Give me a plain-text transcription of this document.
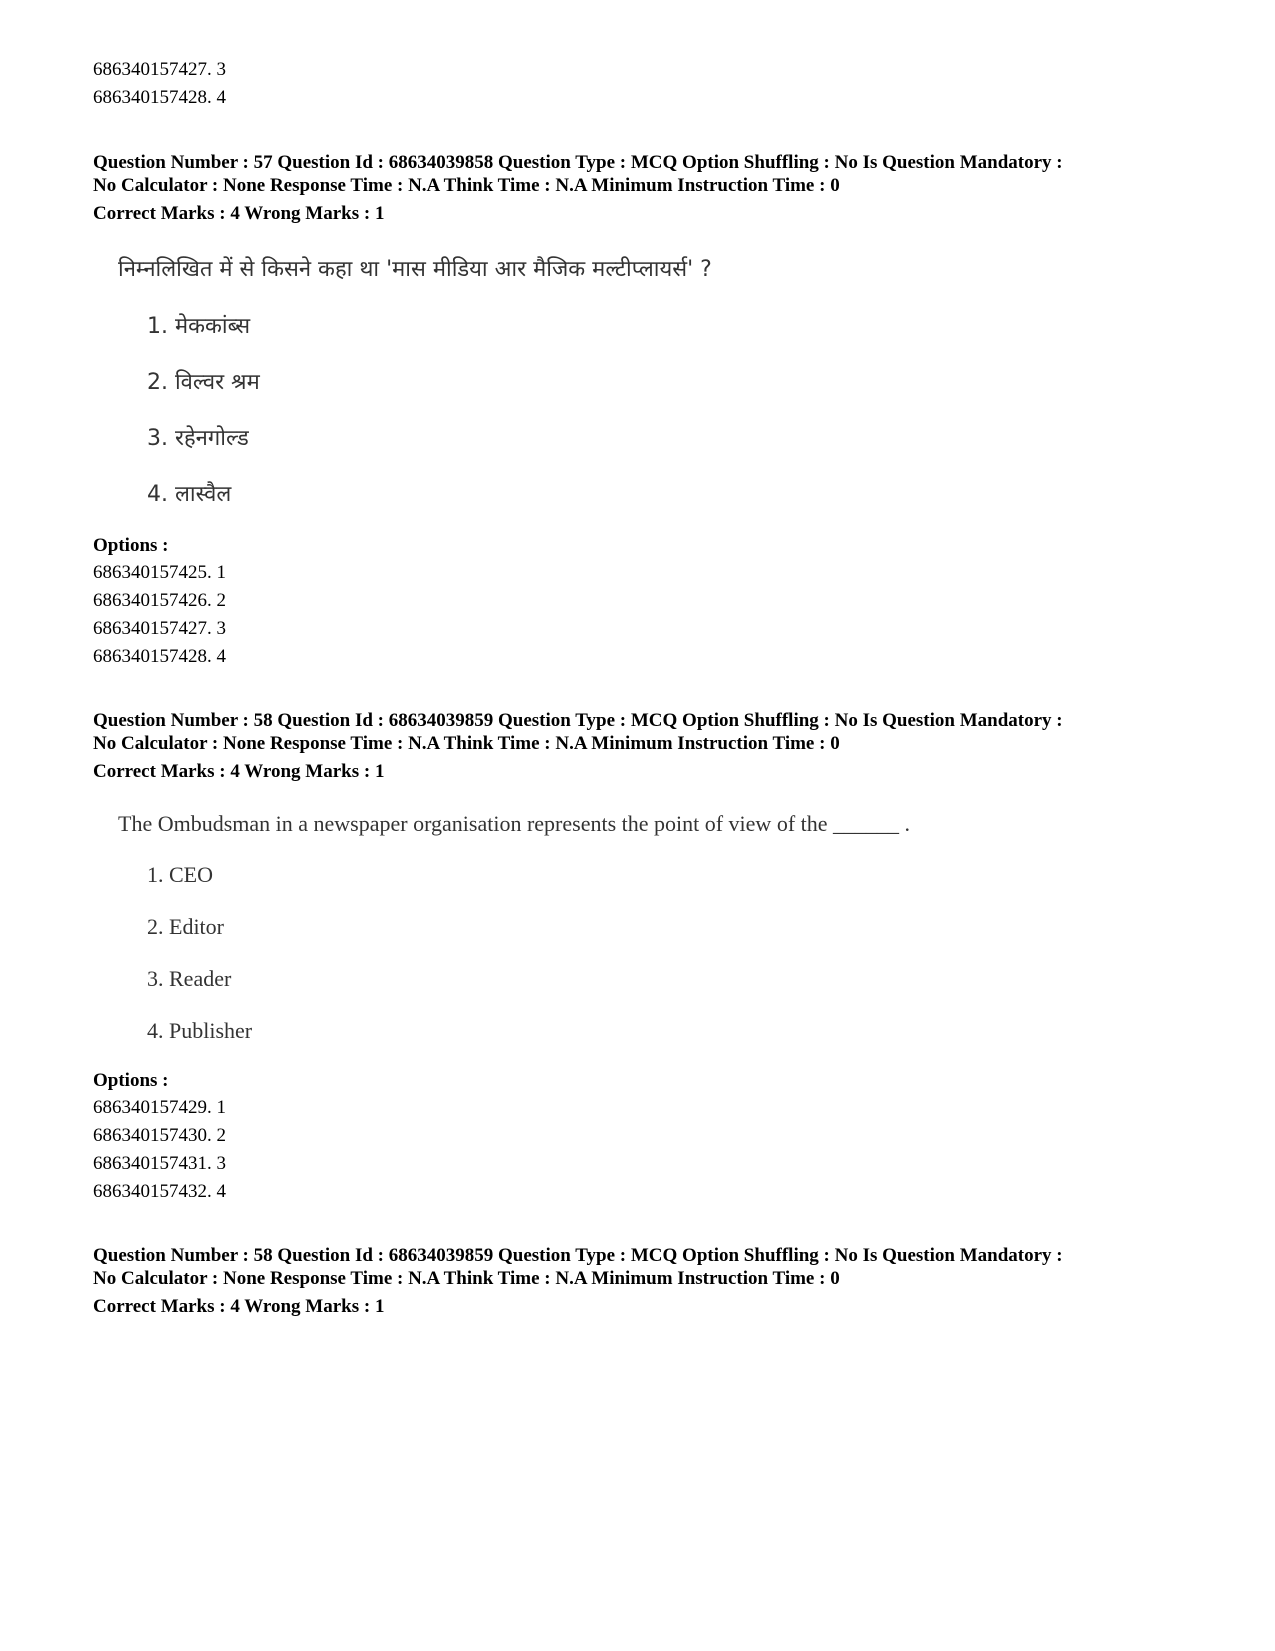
686340157427. 3
686340157428. 4
Question Number : 57 Question Id : 68634039858 Question Type : MCQ Option Shuffling : No Is Question Mandatory :
No Calculator : None Response Time : N.A Think Time : N.A Minimum Instruction Time : 0
Correct Marks : 4 Wrong Marks : 1
निम्नलिखित में से किसने कहा था 'मास मीडिया आर मैजिक मल्टीप्लायर्स' ?
1. मेककांब्स
2. विल्वर श्रम
3. रहेनगोल्ड
4. लास्वैल
Options :
686340157425. 1
686340157426. 2
686340157427. 3
686340157428. 4
Question Number : 58 Question Id : 68634039859 Question Type : MCQ Option Shuffling : No Is Question Mandatory :
No Calculator : None Response Time : N.A Think Time : N.A Minimum Instruction Time : 0
Correct Marks : 4 Wrong Marks : 1
The Ombudsman in a newspaper organisation represents the point of view of the ______ .
1. CEO
2. Editor
3. Reader
4. Publisher
Options :
686340157429. 1
686340157430. 2
686340157431. 3
686340157432. 4
Question Number : 58 Question Id : 68634039859 Question Type : MCQ Option Shuffling : No Is Question Mandatory :
No Calculator : None Response Time : N.A Think Time : N.A Minimum Instruction Time : 0
Correct Marks : 4 Wrong Marks : 1
